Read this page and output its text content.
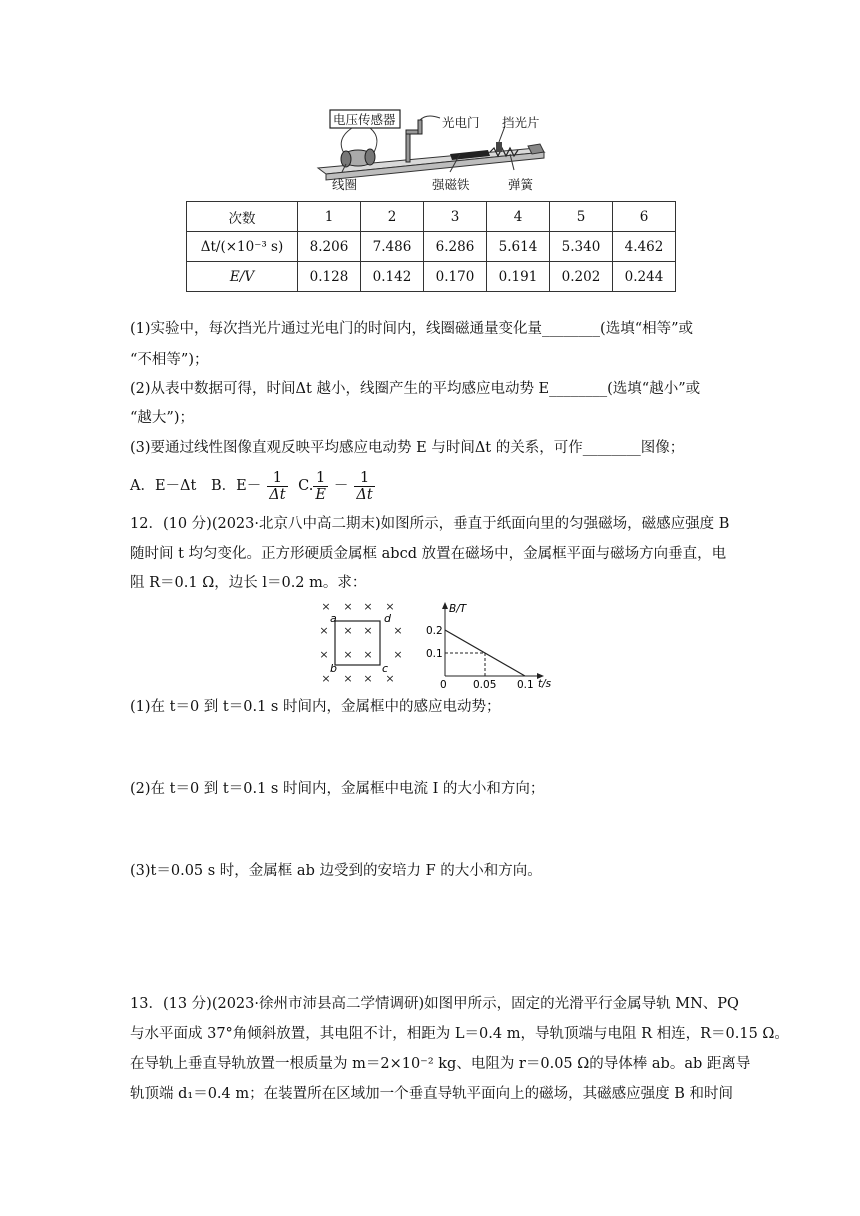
电压传感器	光电门 挡光片
线圈	强磁铁	弹簧
次数	1	2	3	4	5	6
Δt/(×10⁻³ s)	8.206	7.486	6.286	5.614	5.340	4.462
E/V	0.128	0.142	0.170	0.191	0.202	0.244
(1)实验中，每次挡光片通过光电门的时间内，线圈磁通量变化量________(选填“相等”或
“不相等”)；
(2)从表中数据可得，时间Δt 越小，线圈产生的平均感应电动势 E________(选填“越小”或
“越大”)；
(3)要通过线性图像直观反映平均感应电动势 E 与时间Δt 的关系，可作________图像；
A．E－Δt B．$E- \frac{1}{\Delta t} C$. $\frac{1}{E} - \frac{1}{\Delta t}$
12．(10 分)(2023·北京八中高二期末)如图所示，垂直于纸面向里的匀强磁场，磁感应强度 B
随时间 t 均匀变化。正方形硬质金属框 abcd 放置在磁场中，金属框平面与磁场方向垂直，电
阻 R＝0.1 Ω，边长 l＝0.2 m。求：
× × × ×
× × × ×
× × × ×
× × × ×
a	d
b	c
B/T
t/s
0.2
0.1
0	0.05 0.1
(1)在 t＝0 到 t＝0.1 s 时间内，金属框中的感应电动势；
(2)在 t＝0 到 t＝0.1 s 时间内，金属框中电流 I 的大小和方向；
(3)t＝0.05 s 时，金属框 ab 边受到的安培力 F 的大小和方向。
13．(13 分)(2023·徐州市沛县高二学情调研)如图甲所示，固定的光滑平行金属导轨 MN、PQ
与水平面成 37°角倾斜放置，其电阻不计，相距为 L＝0.4 m，导轨顶端与电阻 R 相连，R＝0.15 Ω。
在导轨上垂直导轨放置一根质量为 m＝2×10⁻² kg、电阻为 r＝0.05 Ω的导体棒 ab。ab 距离导
轨顶端 d₁＝0.4 m；在装置所在区域加一个垂直导轨平面向上的磁场，其磁感应强度 B 和时间
